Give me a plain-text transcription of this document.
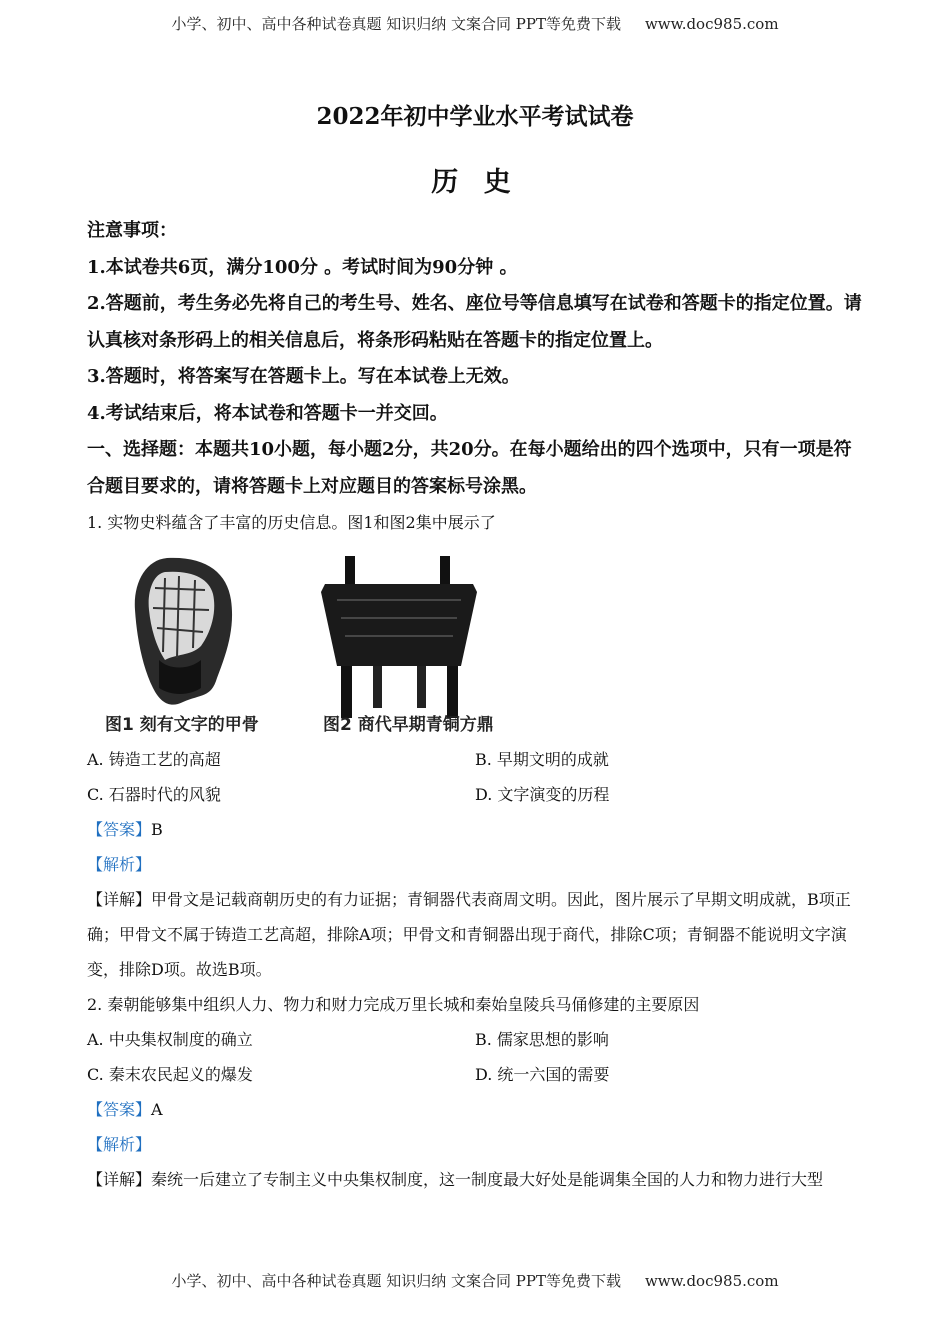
小学、初中、高中各种试卷真题 知识归纳 文案合同 PPT等免费下载 www.doc985.com
2022年初中学业水平考试试卷
历 史

注意事项：

1.本试卷共6页，满分100分 。考试时间为90分钟 。

2.答题前，考生务必先将自己的考生号、姓名、座位号等信息填写在试卷和答题卡的指定位置。请认真核对条形码上的相关信息后，将条形码粘贴在答题卡的指定位置上。

3.答题时，将答案写在答题卡上。写在本试卷上无效。

4.考试结束后，将本试卷和答题卡一并交回。

一、选择题：本题共10小题，每小题2分，共20分。在每小题给出的四个选项中，只有一项是符合题目要求的，请将答题卡上对应题目的答案标号涂黑。

1. 实物史料蕴含了丰富的历史信息。图1和图2集中展示了

图1 刻有文字的甲骨	图2 商代早期青铜方鼎
A. 铸造工艺的高超	B. 早期文明的成就
C. 石器时代的风貌	D. 文字演变的历程

【答案】B

【解析】

【详解】甲骨文是记载商朝历史的有力证据；青铜器代表商周文明。因此，图片展示了早期文明成就，B项正确；甲骨文不属于铸造工艺高超，排除A项；甲骨文和青铜器出现于商代，排除C项；青铜器不能说明文字演变，排除D项。故选B项。

2. 秦朝能够集中组织人力、物力和财力完成万里长城和秦始皇陵兵马俑修建的主要原因

A. 中央集权制度的确立	B. 儒家思想的影响
C. 秦末农民起义的爆发	D. 统一六国的需要

【答案】A

【解析】

【详解】秦统一后建立了专制主义中央集权制度，这一制度最大好处是能调集全国的人力和物力进行大型

小学、初中、高中各种试卷真题 知识归纳 文案合同 PPT等免费下载 www.doc985.com
